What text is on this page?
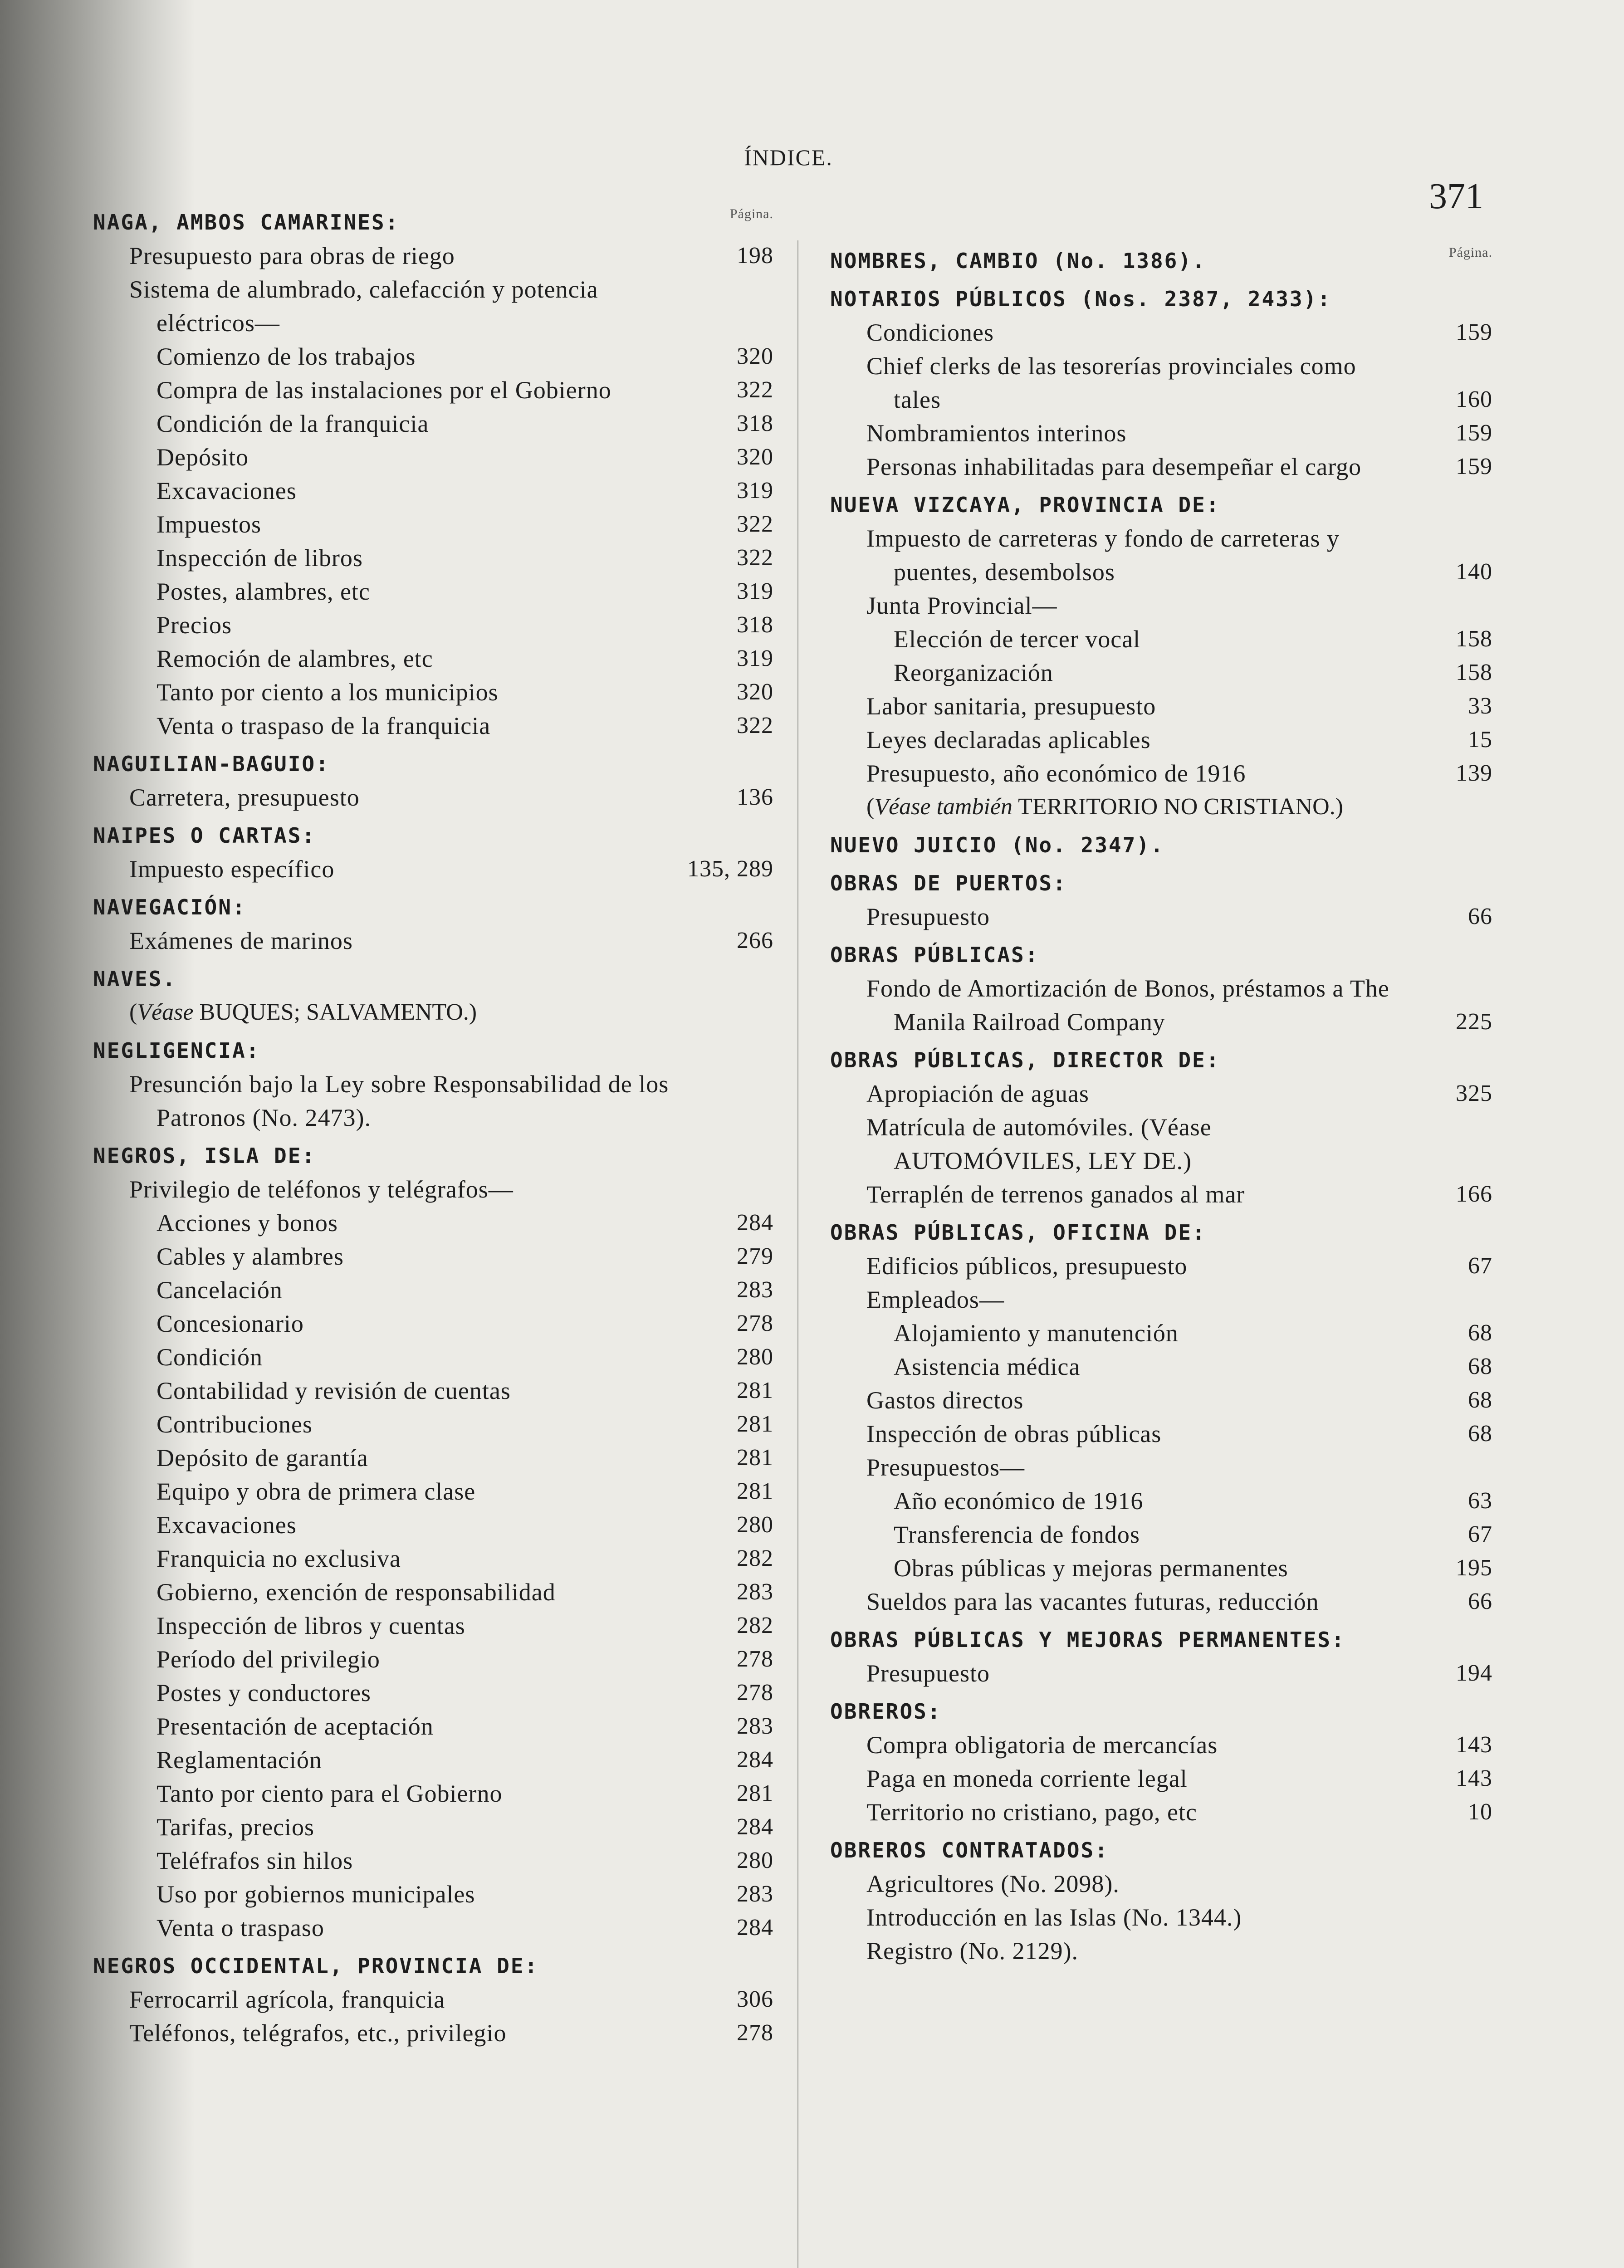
ÍNDICE.
371
Página.
NAGA, AMBOS CAMARINES:
Presupuesto para obras de riego	198
Sistema de alumbrado, calefacción y potencia eléctricos—
Comienzo de los trabajos	320
Compra de las instalaciones por el Gobierno	322
Condición de la franquicia	318
Depósito	320
Excavaciones	319
Impuestos	322
Inspección de libros	322
Postes, alambres, etc	319
Precios	318
Remoción de alambres, etc	319
Tanto por ciento a los municipios	320
Venta o traspaso de la franquicia	322
NAGUILIAN-BAGUIO:
Carretera, presupuesto	136
NAIPES O CARTAS:
Impuesto específico	135, 289
NAVEGACIÓN:
Exámenes de marinos	266
NAVES.
(Véase BUQUES; SALVAMENTO.)
NEGLIGENCIA:
Presunción bajo la Ley sobre Responsabilidad de los Patronos (No. 2473).
NEGROS, ISLA DE:
Privilegio de teléfonos y telégrafos—
Acciones y bonos	284
Cables y alambres	279
Cancelación	283
Concesionario	278
Condición	280
Contabilidad y revisión de cuentas	281
Contribuciones	281
Depósito de garantía	281
Equipo y obra de primera clase	281
Excavaciones	280
Franquicia no exclusiva	282
Gobierno, exención de responsabilidad	283
Inspección de libros y cuentas	282
Período del privilegio	278
Postes y conductores	278
Presentación de aceptación	283
Reglamentación	284
Tanto por ciento para el Gobierno	281
Tarifas, precios	284
Teléfrafos sin hilos	280
Uso por gobiernos municipales	283
Venta o traspaso	284
NEGROS OCCIDENTAL, PROVINCIA DE:
Ferrocarril agrícola, franquicia	306
Teléfonos, telégrafos, etc., privilegio	278
Página.
NOMBRES, CAMBIO (No. 1386).
NOTARIOS PÚBLICOS (Nos. 2387, 2433):
Condiciones	159
Chief clerks de las tesorerías provinciales como tales	160
Nombramientos interinos	159
Personas inhabilitadas para desempeñar el cargo	159
NUEVA VIZCAYA, PROVINCIA DE:
Impuesto de carreteras y fondo de carreteras y puentes, desembolsos	140
Junta Provincial—
Elección de tercer vocal	158
Reorganización	158
Labor sanitaria, presupuesto	33
Leyes declaradas aplicables	15
Presupuesto, año económico de 1916	139
(Véase también TERRITORIO NO CRISTIANO.)
NUEVO JUICIO (No. 2347).
OBRAS DE PUERTOS:
Presupuesto	66
OBRAS PÚBLICAS:
Fondo de Amortización de Bonos, préstamos a The Manila Railroad Company	225
OBRAS PÚBLICAS, DIRECTOR DE:
Apropiación de aguas	325
Matrícula de automóviles. (Véase AUTOMÓVILES, LEY DE.)
Terraplén de terrenos ganados al mar	166
OBRAS PÚBLICAS, OFICINA DE:
Edificios públicos, presupuesto	67
Empleados—
Alojamiento y manutención	68
Asistencia médica	68
Gastos directos	68
Inspección de obras públicas	68
Presupuestos—
Año económico de 1916	63
Transferencia de fondos	67
Obras públicas y mejoras permanentes	195
Sueldos para las vacantes futuras, reducción	66
OBRAS PÚBLICAS Y MEJORAS PERMANENTES:
Presupuesto	194
OBREROS:
Compra obligatoria de mercancías	143
Paga en moneda corriente legal	143
Territorio no cristiano, pago, etc	10
OBREROS CONTRATADOS:
Agricultores (No. 2098).
Introducción en las Islas (No. 1344.)
Registro (No. 2129).
